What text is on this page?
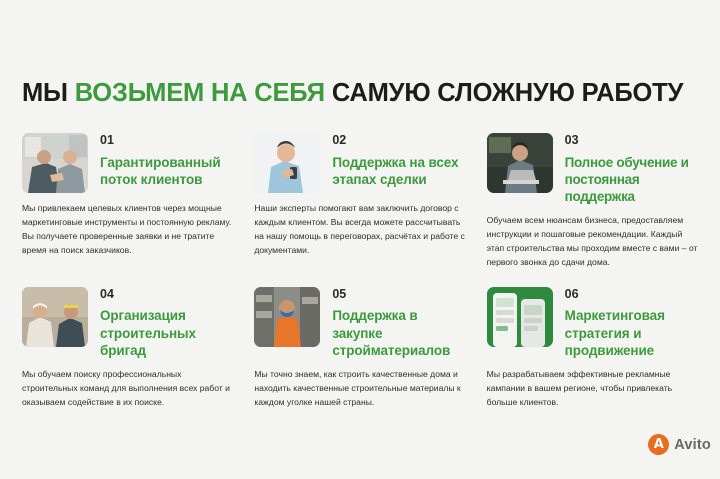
МЫ ВОЗЬМЕМ НА СЕБЯ САМУЮ СЛОЖНУЮ РАБОТУ
01
Гарантированный поток клиентов
Мы привлекаем целевых клиентов через мощные маркетинговые инструменты и постоянную рекламу. Вы получаете проверенные заявки и не тратите время на поиск заказчиков.
02
Поддержка на всех этапах сделки
Наши эксперты помогают вам заключить договор с каждым клиентом. Вы всегда можете рассчитывать на нашу помощь в переговорах, расчётах и работе с документами.
03
Полное обучение и постоянная поддержка
Обучаем всем нюансам бизнеса, предоставляем инструкции и пошаговые рекомендации. Каждый этап строительства мы проходим вместе с вами – от первого звонка до сдачи дома.
04
Организация строительных бригад
Мы обучаем поиску профессиональных строительных команд для выполнения всех работ и оказываем содействие в их поиске.
05
Поддержка в закупке стройматериалов
Мы точно знаем, как строить качественные дома и находить качественные строительные материалы к каждом уголке нашей страны.
06
Маркетинговая стратегия и продвижение
Мы разрабатываем эффективные рекламные кампании в вашем регионе, чтобы привлекать больше клиентов.
A Avito
